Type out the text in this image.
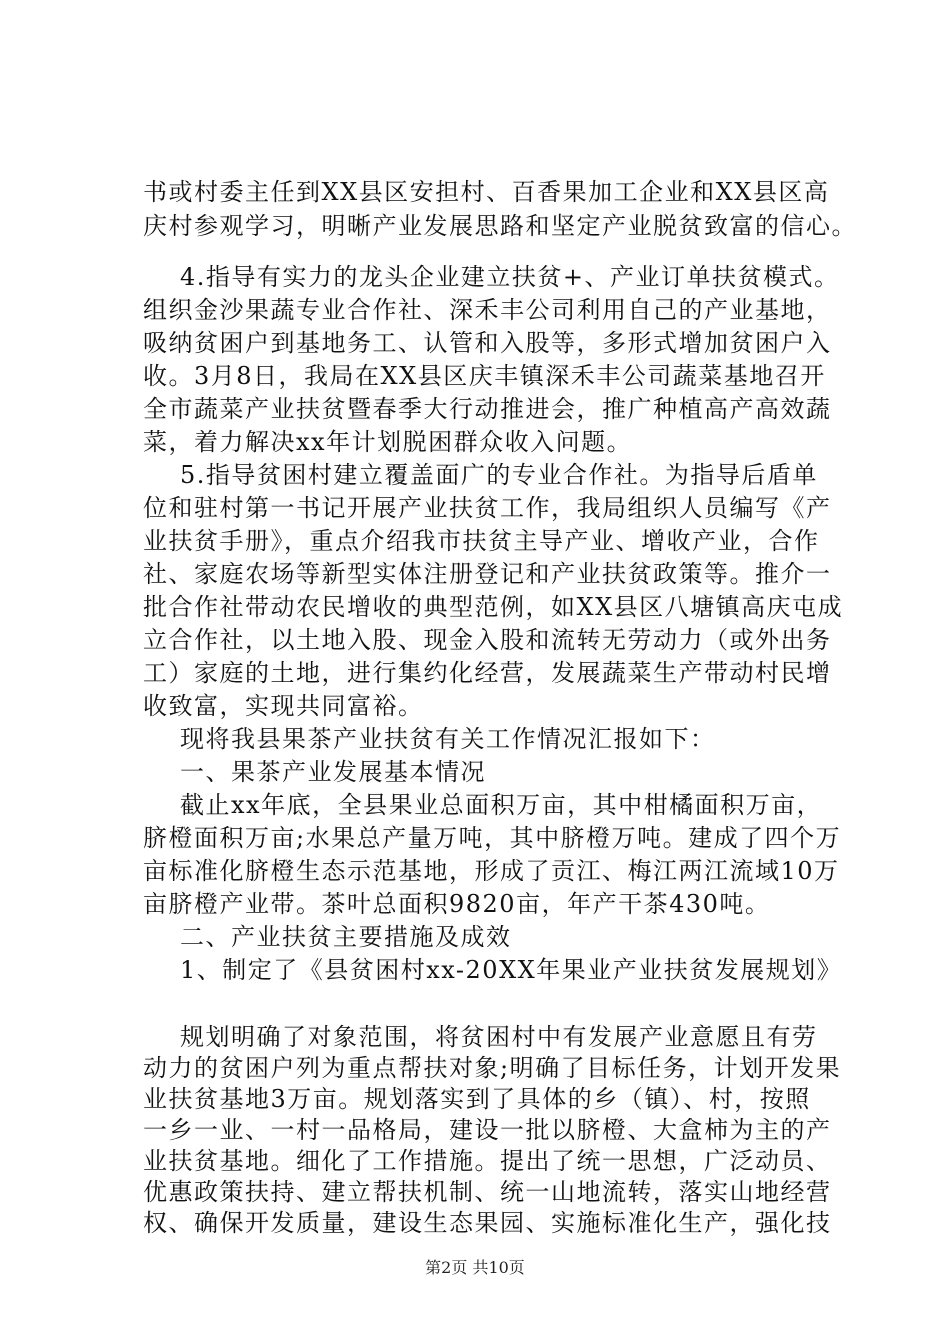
书或村委主任到XX县区安担村、百香果加工企业和XX县区高
庆村参观学习，明晰产业发展思路和坚定产业脱贫致富的信心。
4.指导有实力的龙头企业建立扶贫+、产业订单扶贫模式。
组织金沙果蔬专业合作社、深禾丰公司利用自己的产业基地，
吸纳贫困户到基地务工、认管和入股等，多形式增加贫困户入
收。3月8日，我局在XX县区庆丰镇深禾丰公司蔬菜基地召开
全市蔬菜产业扶贫暨春季大行动推进会，推广种植高产高效蔬
菜，着力解决xx年计划脱困群众收入问题。
5.指导贫困村建立覆盖面广的专业合作社。为指导后盾单
位和驻村第一书记开展产业扶贫工作，我局组织人员编写《产
业扶贫手册》，重点介绍我市扶贫主导产业、增收产业，合作
社、家庭农场等新型实体注册登记和产业扶贫政策等。推介一
批合作社带动农民增收的典型范例，如XX县区八塘镇高庆屯成
立合作社，以土地入股、现金入股和流转无劳动力（或外出务
工）家庭的土地，进行集约化经营，发展蔬菜生产带动村民增
收致富，实现共同富裕。
现将我县果茶产业扶贫有关工作情况汇报如下：
一、果茶产业发展基本情况
截止xx年底，全县果业总面积万亩，其中柑橘面积万亩，
脐橙面积万亩;水果总产量万吨，其中脐橙万吨。建成了四个万
亩标准化脐橙生态示范基地，形成了贡江、梅江两江流域10万
亩脐橙产业带。茶叶总面积9820亩，年产干茶430吨。
二、产业扶贫主要措施及成效
1、制定了《县贫困村xx-20XX年果业产业扶贫发展规划》
规划明确了对象范围，将贫困村中有发展产业意愿且有劳
动力的贫困户列为重点帮扶对象;明确了目标任务，计划开发果
业扶贫基地3万亩。规划落实到了具体的乡（镇）、村，按照
一乡一业、一村一品格局，建设一批以脐橙、大盒柿为主的产
业扶贫基地。细化了工作措施。提出了统一思想，广泛动员、
优惠政策扶持、建立帮扶机制、统一山地流转，落实山地经营
权、确保开发质量，建设生态果园、实施标准化生产，强化技
第2页 共10页
